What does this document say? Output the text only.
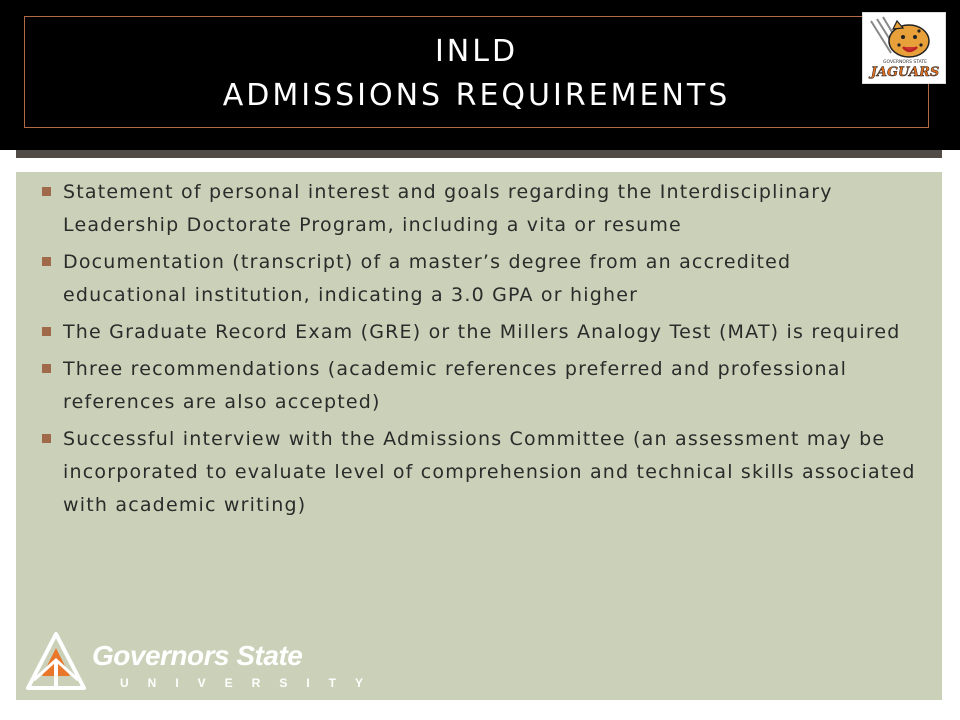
INLD
ADMISSIONS REQUIREMENTS
GOVERNORS STATE
JAGUARS
Statement of personal interest and goals regarding the Interdisciplinary Leadership Doctorate Program, including a vita or resume
Documentation (transcript) of a master’s degree from an accredited educational institution, indicating a 3.0 GPA or higher
The Graduate Record Exam (GRE) or the Millers Analogy Test (MAT) is required
Three recommendations (academic references preferred and professional references are also accepted)
Successful interview with the Admissions Committee (an assessment may be incorporated to evaluate level of comprehension and technical skills associated with academic writing)
Governors State
UNIVERSITY
